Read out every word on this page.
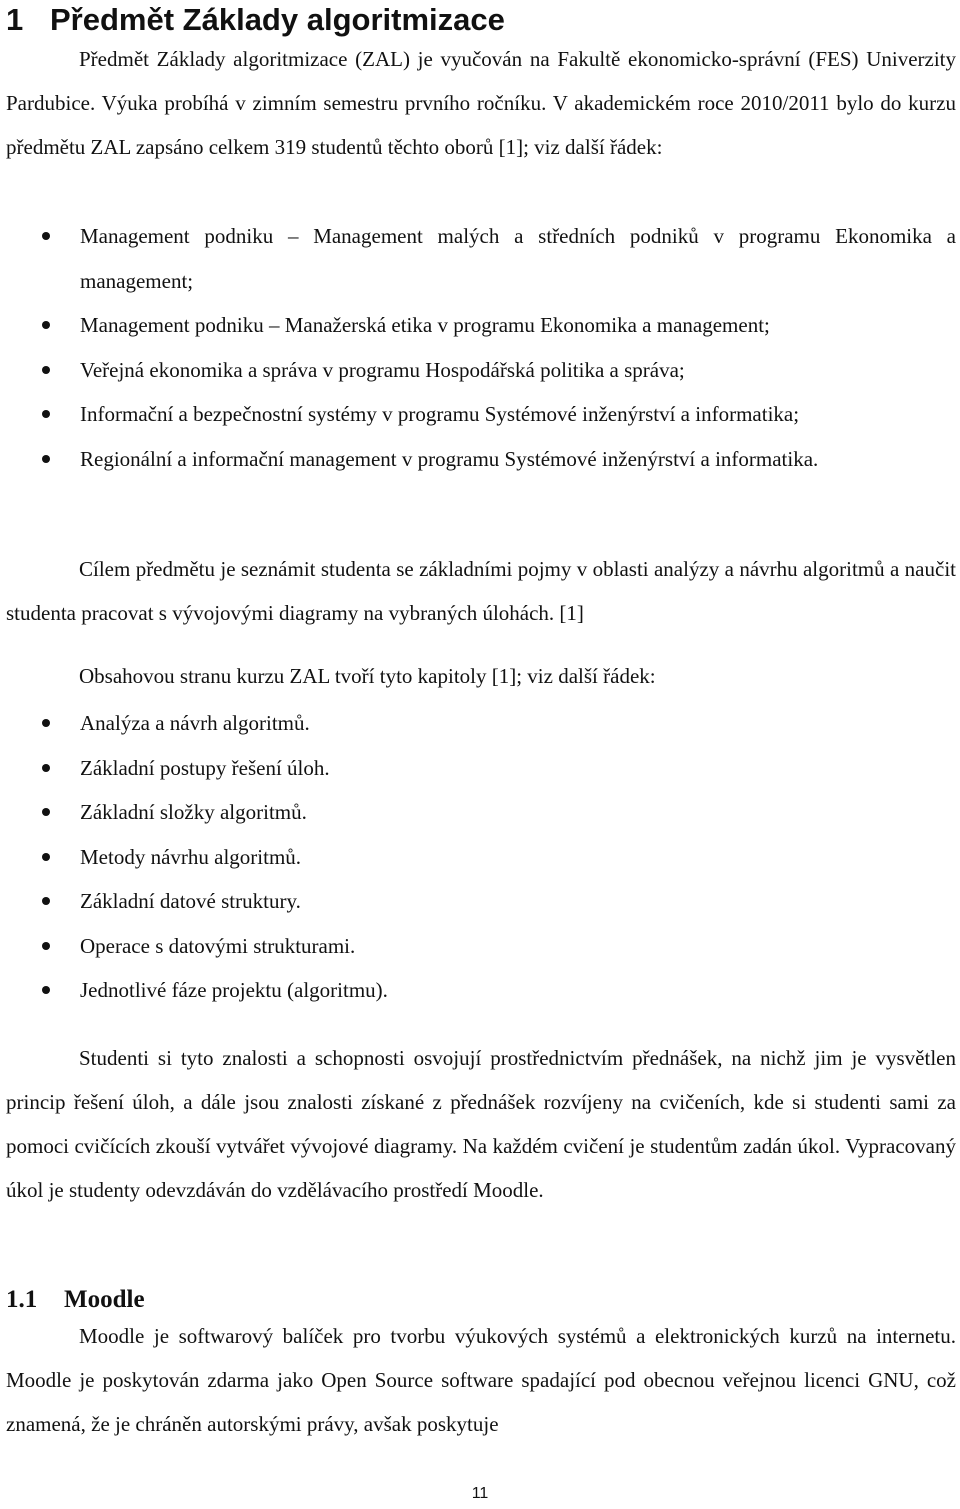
1 Předmět Základy algoritmizace

Předmět Základy algoritmizace (ZAL) je vyučován na Fakultě ekonomicko-správní (FES) Univerzity Pardubice. Výuka probíhá v zimním semestru prvního ročníku. V akademickém roce 2010/2011 bylo do kurzu předmětu ZAL zapsáno celkem 319 studentů těchto oborů [1]; viz další řádek:

Management podniku – Management malých a středních podniků v programu Ekonomika a management;
Management podniku – Manažerská etika v programu Ekonomika a management;
Veřejná ekonomika a správa v programu Hospodářská politika a správa;
Informační a bezpečnostní systémy v programu Systémové inženýrství a informatika;
Regionální a informační management v programu Systémové inženýrství a informatika.

Cílem předmětu je seznámit studenta se základními pojmy v oblasti analýzy a návrhu algoritmů a naučit studenta pracovat s vývojovými diagramy na vybraných úlohách. [1]

Obsahovou stranu kurzu ZAL tvoří tyto kapitoly [1]; viz další řádek:

Analýza a návrh algoritmů.
Základní postupy řešení úloh.
Základní složky algoritmů.
Metody návrhu algoritmů.
Základní datové struktury.
Operace s datovými strukturami.
Jednotlivé fáze projektu (algoritmu).

Studenti si tyto znalosti a schopnosti osvojují prostřednictvím přednášek, na nichž jim je vysvětlen princip řešení úloh, a dále jsou znalosti získané z přednášek rozvíjeny na cvičeních, kde si studenti sami za pomoci cvičících zkouší vytvářet vývojové diagramy. Na každém cvičení je studentům zadán úkol. Vypracovaný úkol je studenty odevzdáván do vzdělávacího prostředí Moodle.

1.1 Moodle

Moodle je softwarový balíček pro tvorbu výukových systémů a elektronických kurzů na internetu. Moodle je poskytován zdarma jako Open Source software spadající pod obecnou veřejnou licenci GNU, což znamená, že je chráněn autorskými právy, avšak poskytuje

11
